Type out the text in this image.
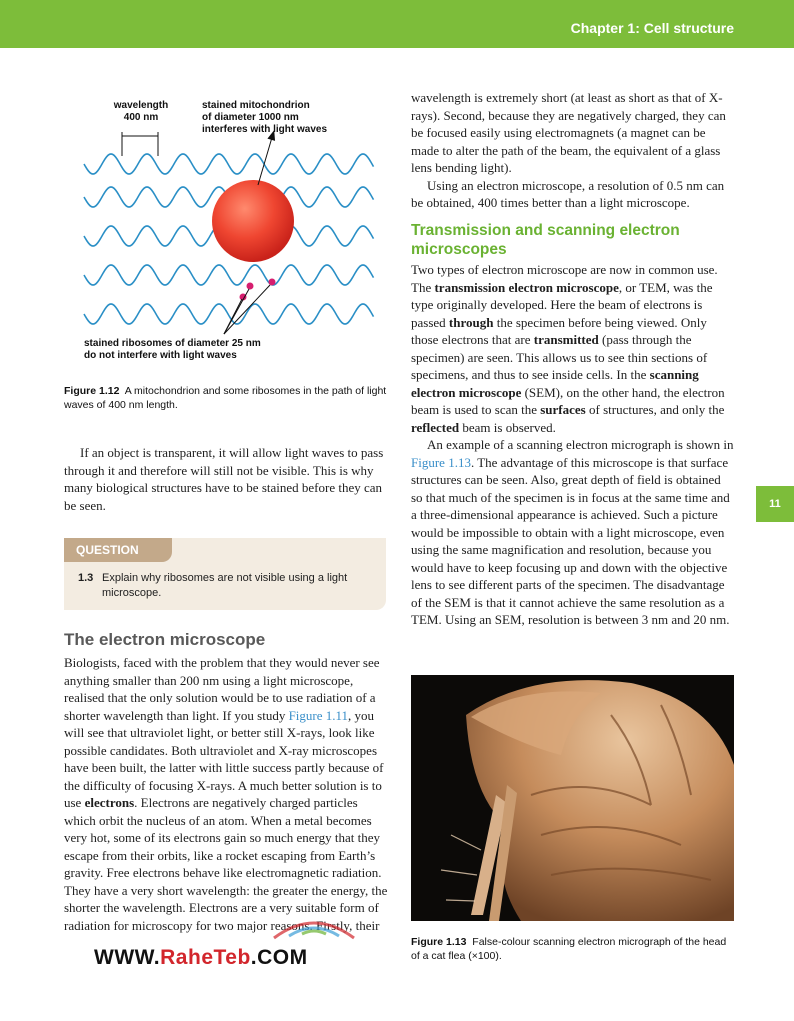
Chapter 1: Cell structure
11
wavelength
400 nm
stained mitochondrion
of diameter 1000 nm
interferes with light waves
stained ribosomes of diameter 25 nm
do not interfere with light waves
Figure 1.12 A mitochondrion and some ribosomes in the path of light waves of 400 nm length.

If an object is transparent, it will allow light waves to pass through it and therefore will still not be visible. This is why many biological structures have to be stained before they can be seen.

QUESTION
1.3 Explain why ribosomes are not visible using a light microscope.
The electron microscope

Biologists, faced with the problem that they would never see anything smaller than 200 nm using a light microscope, realised that the only solution would be to use radiation of a shorter wavelength than light. If you study Figure 1.11, you will see that ultraviolet light, or better still X-rays, look like possible candidates. Both ultraviolet and X-ray microscopes have been built, the latter with little success partly because of the difficulty of focusing X-rays. A much better solution is to use electrons. Electrons are negatively charged particles which orbit the nucleus of an atom. When a metal becomes very hot, some of its electrons gain so much energy that they escape from their orbits, like a rocket escaping from Earth’s gravity. Free electrons behave like electromagnetic radiation. They have a very short wavelength: the greater the energy, the shorter the wavelength. Electrons are a very suitable form of radiation for microscopy for two major reasons. Firstly, their

wavelength is extremely short (at least as short as that of X-rays). Second, because they are negatively charged, they can be focused easily using electromagnets (a magnet can be made to alter the path of the beam, the equivalent of a glass lens bending light).

Using an electron microscope, a resolution of 0.5 nm can be obtained, 400 times better than a light microscope.

Transmission and scanning electron microscopes

Two types of electron microscope are now in common use. The transmission electron microscope, or TEM, was the type originally developed. Here the beam of electrons is passed through the specimen before being viewed. Only those electrons that are transmitted (pass through the specimen) are seen. This allows us to see thin sections of specimens, and thus to see inside cells. In the scanning electron microscope (SEM), on the other hand, the electron beam is used to scan the surfaces of structures, and only the reflected beam is observed.

An example of a scanning electron micrograph is shown in Figure 1.13. The advantage of this microscope is that surface structures can be seen. Also, great depth of field is obtained so that much of the specimen is in focus at the same time and a three-dimensional appearance is achieved. Such a picture would be impossible to obtain with a light microscope, even using the same magnification and resolution, because you would have to keep focusing up and down with the objective lens to see different parts of the specimen. The disadvantage of the SEM is that it cannot achieve the same resolution as a TEM. Using an SEM, resolution is between 3 nm and 20 nm.

Figure 1.13 False-colour scanning electron micrograph of the head of a cat flea (×100).
WWW.RaheTeb.COM
